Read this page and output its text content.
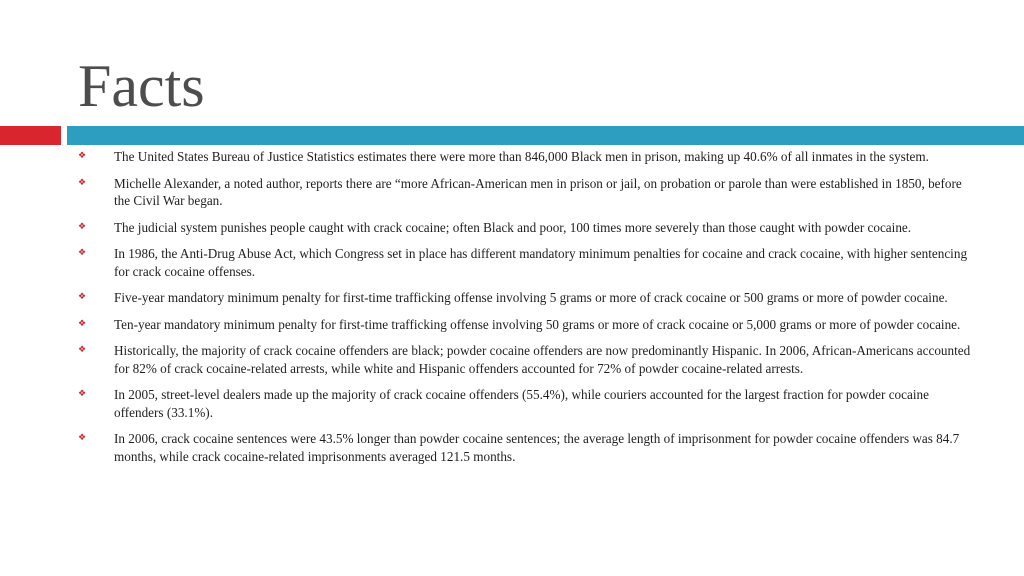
Facts
❖ The United States Bureau of Justice Statistics estimates there were more than 846,000 Black men in prison, making up 40.6% of all inmates in the system.
❖ Michelle Alexander, a noted author, reports there are “more African-American men in prison or jail, on probation or parole than were established in 1850, before the Civil War began.
❖ The judicial system punishes people caught with crack cocaine; often Black and poor, 100 times more severely than those caught with powder cocaine.
❖ In 1986, the Anti-Drug Abuse Act, which Congress set in place has different mandatory minimum penalties for cocaine and crack cocaine, with higher sentencing for crack cocaine offenses.
❖ Five-year mandatory minimum penalty for first-time trafficking offense involving 5 grams or more of crack cocaine or 500 grams or more of powder cocaine.
❖ Ten-year mandatory minimum penalty for first-time trafficking offense involving 50 grams or more of crack cocaine or 5,000 grams or more of powder cocaine.
❖ Historically, the majority of crack cocaine offenders are black; powder cocaine offenders are now predominantly Hispanic. In 2006, African-Americans accounted for 82% of crack cocaine-related arrests, while white and Hispanic offenders accounted for 72% of powder cocaine-related arrests.
❖ In 2005, street-level dealers made up the majority of crack cocaine offenders (55.4%), while couriers accounted for the largest fraction for powder cocaine offenders (33.1%).
❖ In 2006, crack cocaine sentences were 43.5% longer than powder cocaine sentences; the average length of imprisonment for powder cocaine offenders was 84.7 months, while crack cocaine-related imprisonments averaged 121.5 months.
